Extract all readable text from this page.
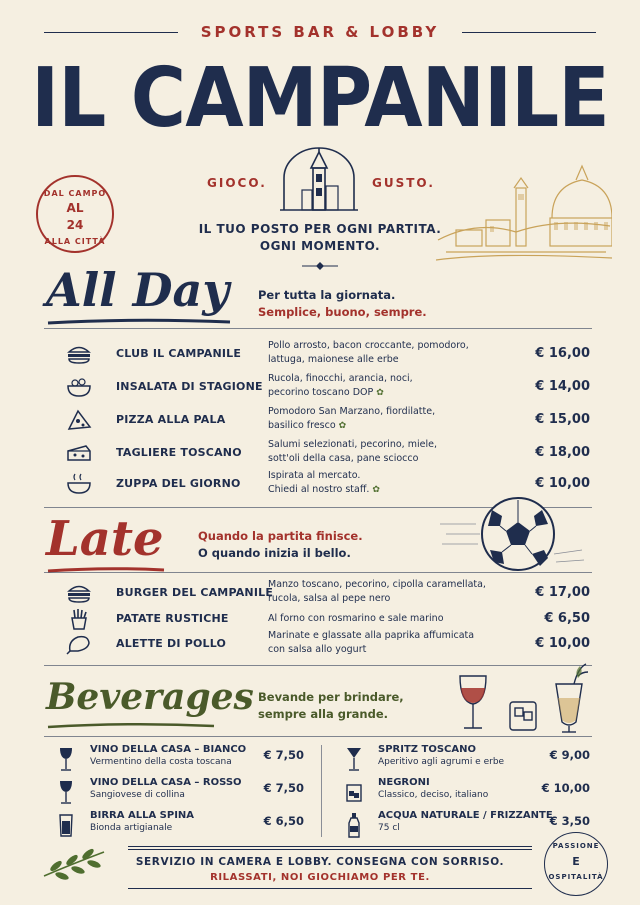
SPORTS BAR & LOBBY
IL CAMPANILE
DAL CAMPO
AL
24
ALLA CITTÀ
GIOCO.	GUSTO.
IL TUO POSTO PER OGNI PARTITA.
OGNI MOMENTO.
All Day	Per tutta la giornata.
Semplice, buono, sempre.
CLUB IL CAMPANILE
Pollo arrosto, bacon croccante, pomodoro,
lattuga, maionese alle erbe	€ 16,00
INSALATA DI STAGIONE
Rucola, finocchi, arancia, noci,
pecorino toscano DOP ✿	€ 14,00
PIZZA ALLA PALA
Pomodoro San Marzano, fiordilatte,
basilico fresco ✿	€ 15,00
TAGLIERE TOSCANO
Salumi selezionati, pecorino, miele,
sott'oli della casa, pane sciocco	€ 18,00
ZUPPA DEL GIORNO
Ispirata al mercato.
Chiedi al nostro staff. ✿	€ 10,00
Late	Quando la partita finisce.
O quando inizia il bello.
BURGER DEL CAMPANILE
Manzo toscano, pecorino, cipolla caramellata,
rucola, salsa al pepe nero	€ 17,00
PATATE RUSTICHE	Al forno con rosmarino e sale marino	€ 6,50
ALETTE DI POLLO
Marinate e glassate alla paprika affumicata
con salsa allo yogurt	€ 10,00
Beverages Bevande per brindare,
sempre alla grande.
VINO DELLA CASA – BIANCO
Vermentino della costa toscana	€ 7,50
VINO DELLA CASA – ROSSO
Sangiovese di collina	€ 7,50
BIRRA ALLA SPINA
Bionda artigianale	€ 6,50
SPRITZ TOSCANO
Aperitivo agli agrumi e erbe	€ 9,00
NEGRONI
Classico, deciso, italiano	€ 10,00
ACQUA NATURALE / FRIZZANTE
75 cl	€ 3,50
SERVIZIO IN CAMERA E LOBBY. CONSEGNA CON SORRISO.
RILASSATI, NOI GIOCHIAMO PER TE.
PASSIONE
E
OSPITALITÀ
